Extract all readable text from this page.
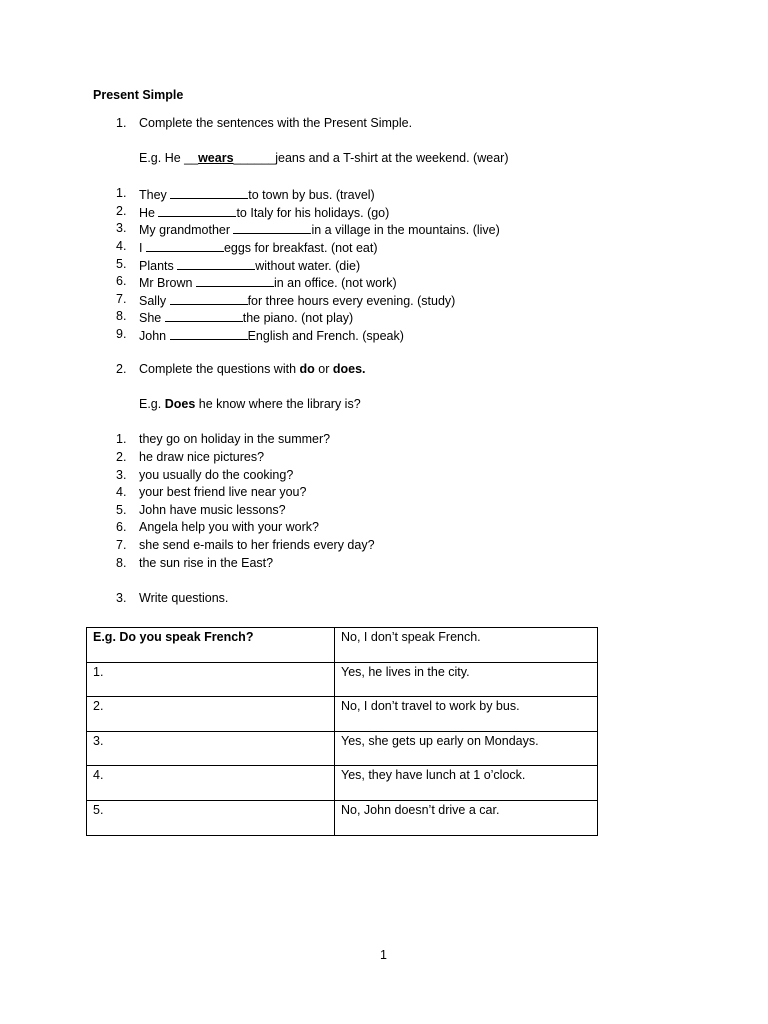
Present Simple
1. Complete the sentences with the Present Simple.
E.g. He __wears______jeans and a T-shirt at the weekend. (wear)
1. They	to town by bus. (travel)
2. He	to Italy for his holidays. (go)
3. My grandmother	in a village in the mountains. (live)
4. I	eggs for breakfast. (not eat)
5. Plants	without water. (die)
6. Mr Brown	in an office. (not work)
7. Sally	for three hours every evening. (study)
8. She	the piano. (not play)
9. John	English and French. (speak)
2. Complete the questions with do or does.
E.g. Does he know where the library is?
1. they go on holiday in the summer?
2. he draw nice pictures?
3. you usually do the cooking?
4. your best friend live near you?
5. John have music lessons?
6. Angela help you with your work?
7. she send e-mails to her friends every day?
8. the sun rise in the East?
3. Write questions.
E.g. Do you speak French?	No, I don’t speak French.
1.	Yes, he lives in the city.
2.	No, I don’t travel to work by bus.
3.	Yes, she gets up early on Mondays.
4.	Yes, they have lunch at 1 o’clock.
5.	No, John doesn’t drive a car.
1
